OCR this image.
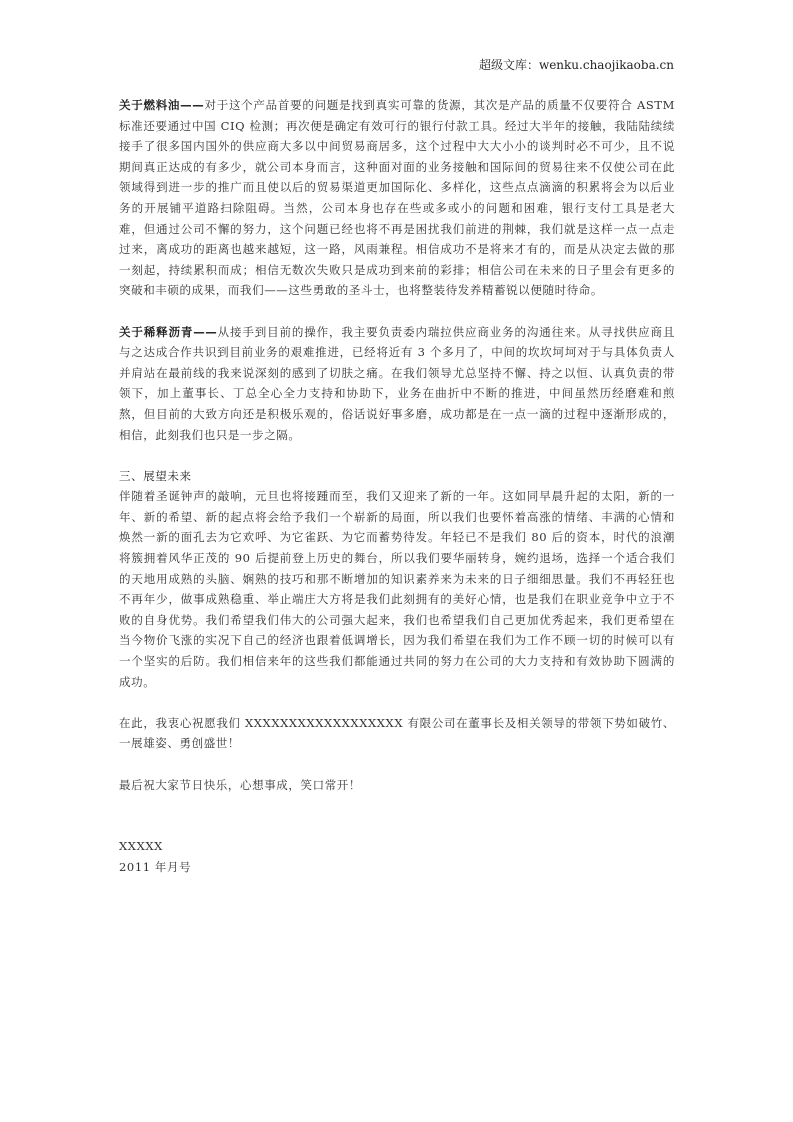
超级文库：wenku.chaojikaoba.cn

关于燃料油——对于这个产品首要的问题是找到真实可靠的货源，其次是产品的质量不仅要符合 ASTM 标准还要通过中国 CIQ 检测；再次便是确定有效可行的银行付款工具。经过大半年的接触，我陆陆续续接手了很多国内国外的供应商大多以中间贸易商居多，这个过程中大大小小的谈判时必不可少，且不说期间真正达成的有多少，就公司本身而言，这种面对面的业务接触和国际间的贸易往来不仅使公司在此领域得到进一步的推广而且使以后的贸易渠道更加国际化、多样化，这些点点滴滴的积累将会为以后业务的开展铺平道路扫除阻碍。当然，公司本身也存在些或多或小的问题和困难，银行支付工具是老大难，但通过公司不懈的努力，这个问题已经也将不再是困扰我们前进的荆棘，我们就是这样一点一点走过来，离成功的距离也越来越短，这一路，风雨兼程。相信成功不是将来才有的，而是从决定去做的那一刻起，持续累积而成；相信无数次失败只是成功到来前的彩排；相信公司在未来的日子里会有更多的突破和丰硕的成果，而我们——这些勇敢的圣斗士，也将整装待发养精蓄锐以便随时待命。

关于稀释沥青——从接手到目前的操作，我主要负责委内瑞拉供应商业务的沟通往来。从寻找供应商且与之达成合作共识到目前业务的艰难推进，已经将近有 3 个多月了，中间的坎坎坷坷对于与具体负责人并肩站在最前线的我来说深刻的感到了切肤之痛。在我们领导尤总坚持不懈、持之以恒、认真负责的带领下，加上董事长、丁总全心全力支持和协助下，业务在曲折中不断的推进，中间虽然历经磨难和煎熬，但目前的大致方向还是积极乐观的，俗话说好事多磨，成功都是在一点一滴的过程中逐渐形成的，相信，此刻我们也只是一步之隔。

三、展望未来

伴随着圣诞钟声的敲响，元旦也将接踵而至，我们又迎来了新的一年。这如同早晨升起的太阳，新的一年、新的希望、新的起点将会给予我们一个崭新的局面，所以我们也要怀着高涨的情绪、丰满的心情和焕然一新的面孔去为它欢呼、为它雀跃、为它而蓄势待发。年轻已不是我们 80 后的资本，时代的浪潮将簇拥着风华正茂的 90 后提前登上历史的舞台，所以我们要华丽转身，婉约退场，选择一个适合我们的天地用成熟的头脑、娴熟的技巧和那不断增加的知识素养来为未来的日子细细思量。我们不再轻狂也不再年少，做事成熟稳重、举止端庄大方将是我们此刻拥有的美好心情，也是我们在职业竞争中立于不败的自身优势。我们希望我们伟大的公司强大起来，我们也希望我们自己更加优秀起来，我们更希望在当今物价飞涨的实况下自己的经济也跟着低调增长，因为我们希望在我们为工作不顾一切的时候可以有一个坚实的后防。我们相信来年的这些我们都能通过共同的努力在公司的大力支持和有效协助下圆满的成功。

在此，我衷心祝愿我们 XXXXXXXXXXXXXXXXXX 有限公司在董事长及相关领导的带领下势如破竹、一展雄姿、勇创盛世！

最后祝大家节日快乐，心想事成，笑口常开！

XXXXX
2011 年月号
